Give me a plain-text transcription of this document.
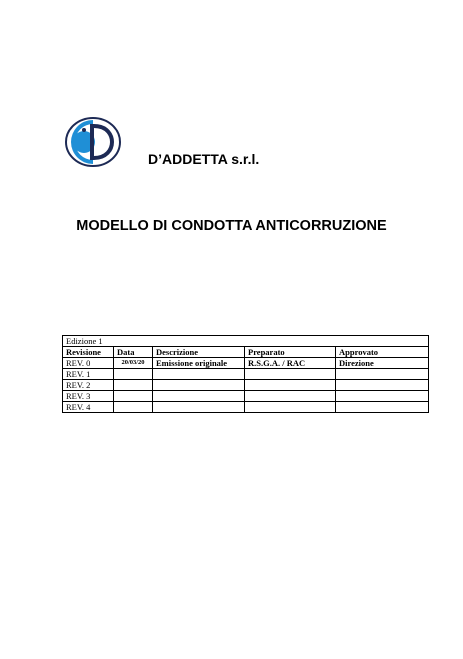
D’ADDETTA s.r.l.
MODELLO DI CONDOTTA ANTICORRUZIONE
Edizione 1				
Revisione	Data	Descrizione	Preparato	Approvato
REV. 0	20/03/20	Emissione originale	R.S.G.A. / RAC	Direzione
REV. 1				
REV. 2				
REV. 3				
REV. 4				
